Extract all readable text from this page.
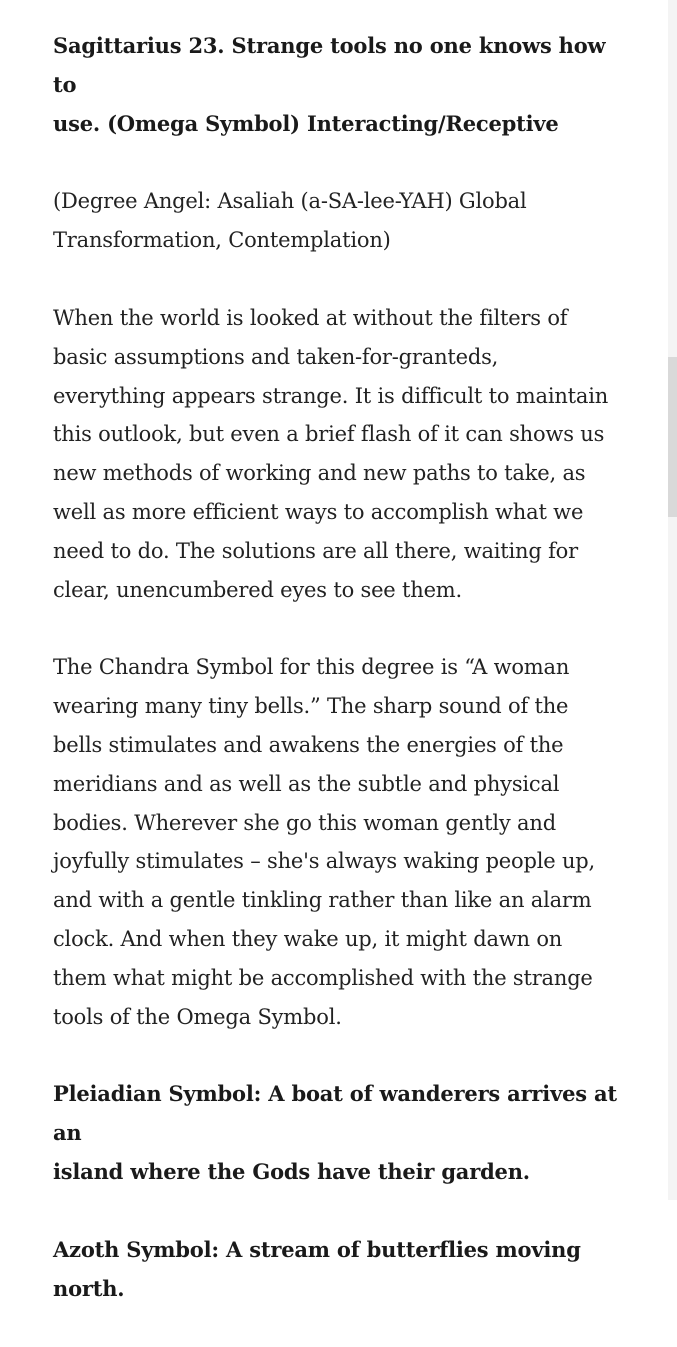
Sagittarius 23. Strange tools no one knows how to
use. (Omega Symbol) Interacting/Receptive

(Degree Angel: Asaliah (a-SA-lee-YAH) Global
Transformation, Contemplation)

When the world is looked at without the filters of
basic assumptions and taken-for-granteds,
everything appears strange. It is difficult to maintain
this outlook, but even a brief flash of it can shows us
new methods of working and new paths to take, as
well as more efficient ways to accomplish what we
need to do. The solutions are all there, waiting for
clear, unencumbered eyes to see them.

The Chandra Symbol for this degree is “A woman
wearing many tiny bells.” The sharp sound of the
bells stimulates and awakens the energies of the
meridians and as well as the subtle and physical
bodies. Wherever she go this woman gently and
joyfully stimulates – she's always waking people up,
and with a gentle tinkling rather than like an alarm
clock. And when they wake up, it might dawn on
them what might be accomplished with the strange
tools of the Omega Symbol.

Pleiadian Symbol: A boat of wanderers arrives at an
island where the Gods have their garden.

Azoth Symbol: A stream of butterflies moving north.
